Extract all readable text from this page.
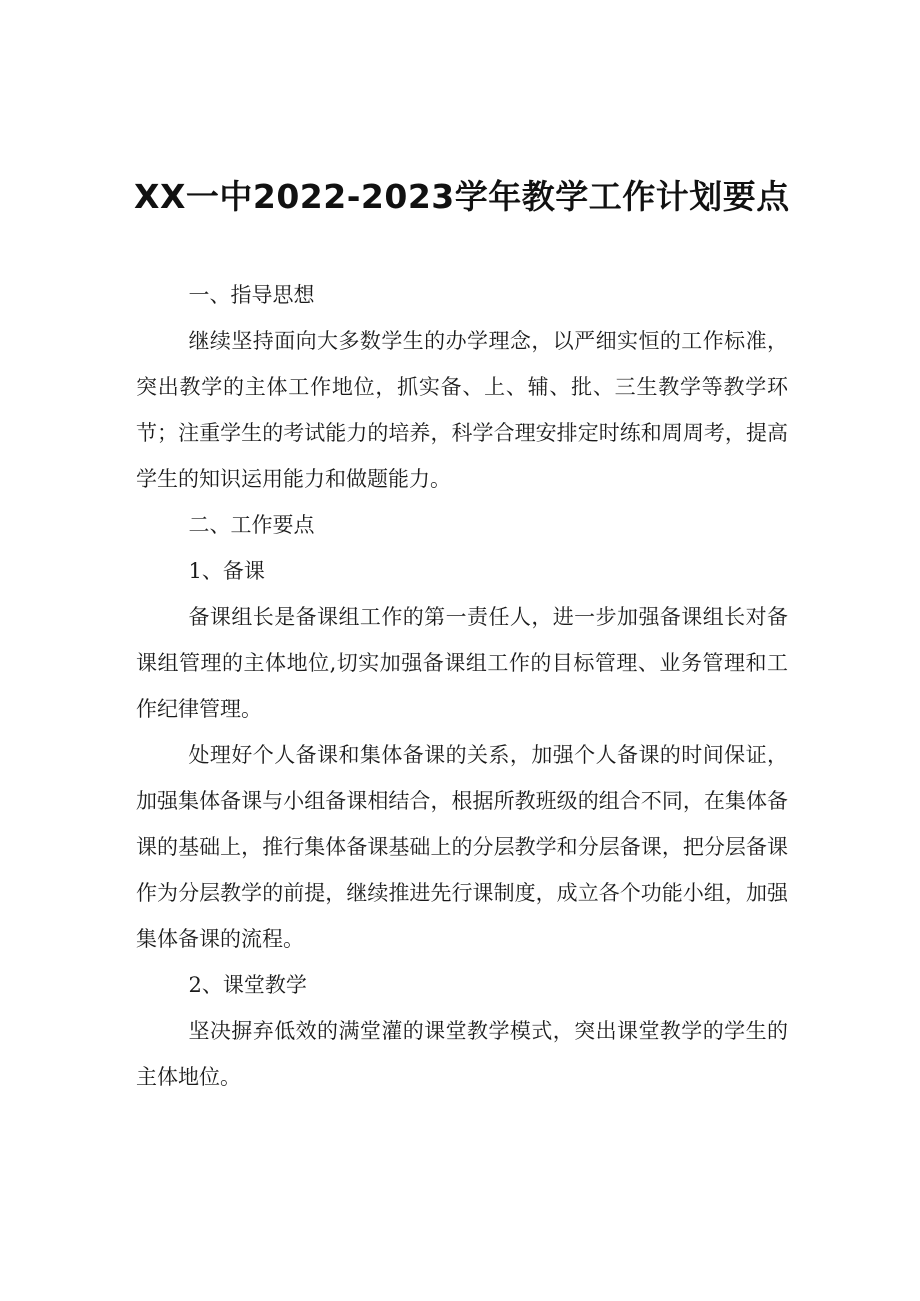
XX一中2022-2023学年教学工作计划要点

一、指导思想

继续坚持面向大多数学生的办学理念，以严细实恒的工作标准，突出教学的主体工作地位，抓实备、上、辅、批、三生教学等教学环节；注重学生的考试能力的培养，科学合理安排定时练和周周考，提高学生的知识运用能力和做题能力。

二、工作要点

1、备课

备课组长是备课组工作的第一责任人，进一步加强备课组长对备课组管理的主体地位,切实加强备课组工作的目标管理、业务管理和工作纪律管理。

处理好个人备课和集体备课的关系，加强个人备课的时间保证，加强集体备课与小组备课相结合，根据所教班级的组合不同，在集体备课的基础上，推行集体备课基础上的分层教学和分层备课，把分层备课作为分层教学的前提，继续推进先行课制度，成立各个功能小组，加强集体备课的流程。

2、课堂教学

坚决摒弃低效的满堂灌的课堂教学模式，突出课堂教学的学生的主体地位。
